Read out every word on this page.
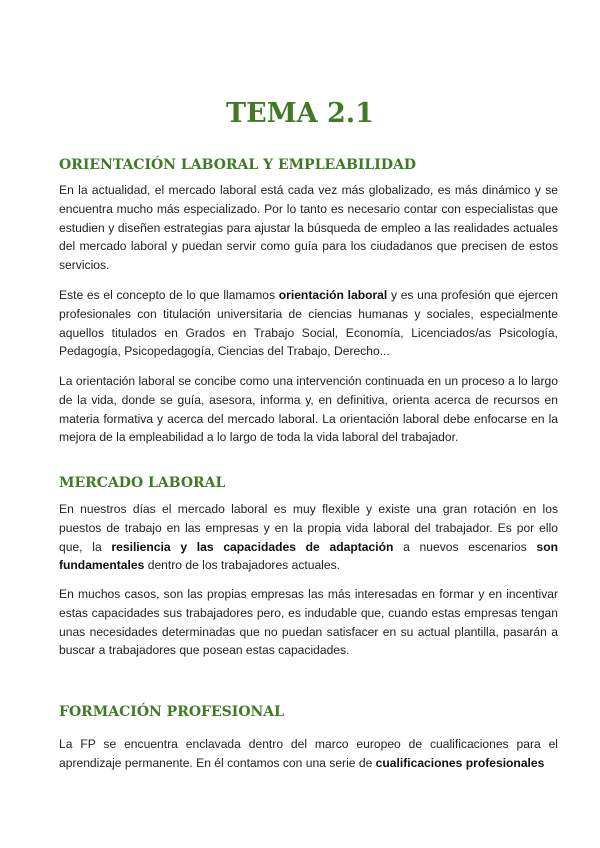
TEMA 2.1
ORIENTACIÓN LABORAL Y EMPLEABILIDAD

En la actualidad, el mercado laboral está cada vez más globalizado, es más dinámico y se encuentra mucho más especializado. Por lo tanto es necesario contar con especialistas que estudien y diseñen estrategias para ajustar la búsqueda de empleo a las realidades actuales del mercado laboral y puedan servir como guía para los ciudadanos que precisen de estos servicios.

Este es el concepto de lo que llamamos orientación laboral y es una profesión que ejercen profesionales con titulación universitaria de ciencias humanas y sociales, especialmente aquellos titulados en Grados en Trabajo Social, Economía, Licenciados/as Psicología, Pedagogía, Psicopedagogía, Ciencias del Trabajo, Derecho...

La orientación laboral se concibe como una intervención continuada en un proceso a lo largo de la vida, donde se guía, asesora, informa y, en definitiva, orienta acerca de recursos en materia formativa y acerca del mercado laboral. La orientación laboral debe enfocarse en la mejora de la empleabilidad a lo largo de toda la vida laboral del trabajador.

MERCADO LABORAL

En nuestros días el mercado laboral es muy flexible y existe una gran rotación en los puestos de trabajo en las empresas y en la propia vida laboral del trabajador. Es por ello que, la resiliencia y las capacidades de adaptación a nuevos escenarios son fundamentales dentro de los trabajadores actuales.

En muchos casos, son las propias empresas las más interesadas en formar y en incentivar estas capacidades sus trabajadores pero, es indudable que, cuando estas empresas tengan unas necesidades determinadas que no puedan satisfacer en su actual plantilla, pasarán a buscar a trabajadores que posean estas capacidades.

FORMACIÓN PROFESIONAL

La FP se encuentra enclavada dentro del marco europeo de cualificaciones para el aprendizaje permanente. En él contamos con una serie de cualificaciones profesionales
